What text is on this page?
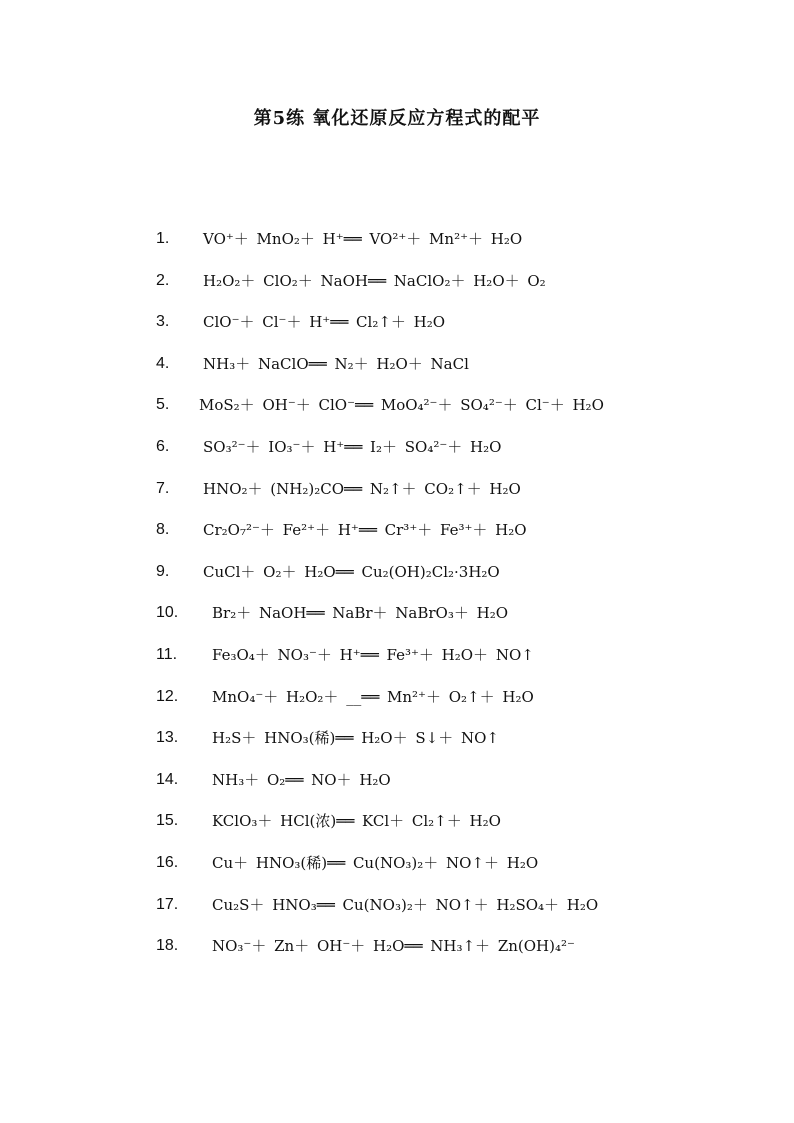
第5练 氧化还原反应方程式的配平
1.	VO⁺＋ MnO₂＋ H⁺══ VO²⁺＋ Mn²⁺＋ H₂O
2.	H₂O₂＋ ClO₂＋ NaOH══ NaClO₂＋ H₂O＋ O₂
3.	ClO⁻＋ Cl⁻＋ H⁺══ Cl₂↑＋ H₂O
4.	NH₃＋ NaClO══ N₂＋ H₂O＋ NaCl
5.	MoS₂＋ OH⁻＋ ClO⁻══ MoO₄²⁻＋ SO₄²⁻＋ Cl⁻＋ H₂O
6.	SO₃²⁻＋ IO₃⁻＋ H⁺══ I₂＋ SO₄²⁻＋ H₂O
7.	HNO₂＋ (NH₂)₂CO══ N₂↑＋ CO₂↑＋ H₂O
8.	Cr₂O₇²⁻＋ Fe²⁺＋ H⁺══ Cr³⁺＋ Fe³⁺＋ H₂O
9.	CuCl＋ O₂＋ H₂O══ Cu₂(OH)₂Cl₂·3H₂O
10.	Br₂＋ NaOH══ NaBr＋ NaBrO₃＋ H₂O
11.	Fe₃O₄＋ NO₃⁻＋ H⁺══ Fe³⁺＋ H₂O＋ NO↑
12.	MnO₄⁻＋ H₂O₂＋ __══ Mn²⁺＋ O₂↑＋ H₂O
13.	H₂S＋ HNO₃(稀)══ H₂O＋ S↓＋ NO↑
14.	NH₃＋ O₂══ NO＋ H₂O
15.	KClO₃＋ HCl(浓)══ KCl＋ Cl₂↑＋ H₂O
16.	Cu＋ HNO₃(稀)══ Cu(NO₃)₂＋ NO↑＋ H₂O
17.	Cu₂S＋ HNO₃══ Cu(NO₃)₂＋ NO↑＋ H₂SO₄＋ H₂O
18.	NO₃⁻＋ Zn＋ OH⁻＋ H₂O══ NH₃↑＋ Zn(OH)₄²⁻
